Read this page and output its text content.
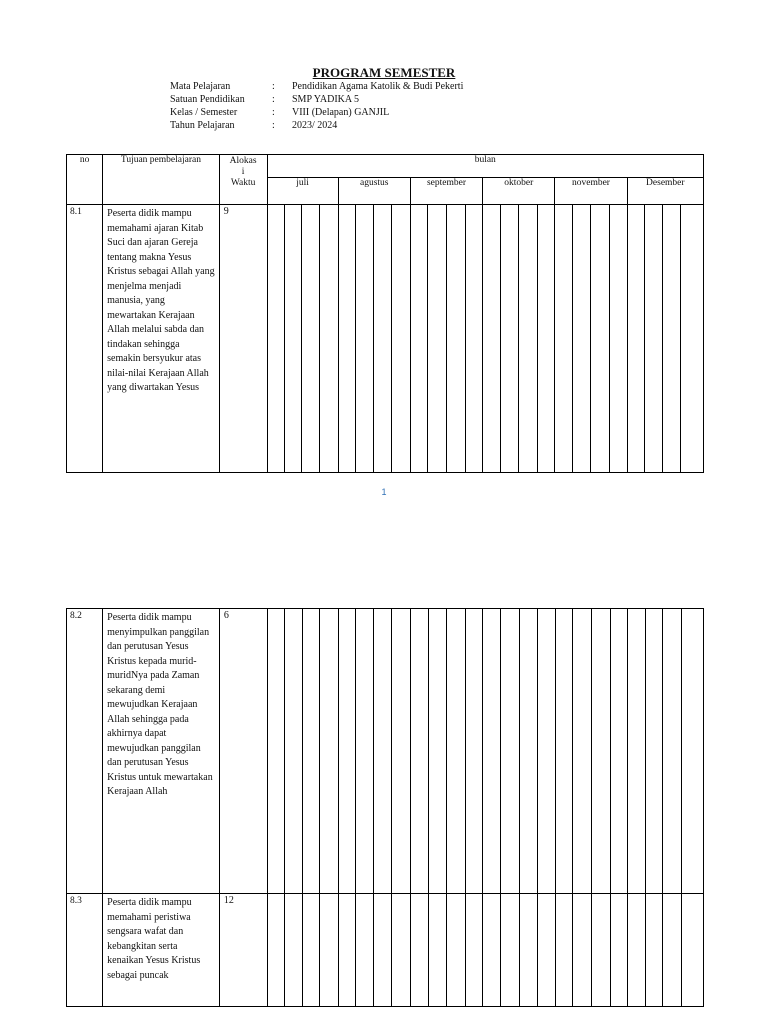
PROGRAM SEMESTER
Mata Pelajaran	:	Pendidikan Agama Katolik & Budi Pekerti
Satuan Pendidikan	:	SMP YADIKA 5
Kelas / Semester	:	VIII (Delapan) GANJIL
Tahun Pelajaran	:	2023/ 2024
no	Tujuan pembelajaran	Alokas
i
Waktu	bulan																							
			juli				agustus				september				oktober				november				Desember			
8.1	Peserta didik mampu memahami ajaran Kitab Suci dan ajaran Gereja tentang makna Yesus Kristus sebagai Allah yang menjelma menjadi manusia, yang mewartakan Kerajaan Allah melalui sabda dan tindakan sehingga semakin bersyukur atas nilai-nilai Kerajaan Allah yang diwartakan Yesus	9																								
1
8.2	Peserta didik mampu menyimpulkan panggilan dan perutusan Yesus Kristus kepada murid-muridNya pada Zaman sekarang demi mewujudkan Kerajaan Allah sehingga pada akhirnya dapat mewujudkan panggilan dan perutusan Yesus Kristus untuk mewartakan Kerajaan Allah	6																								
8.3	Peserta didik mampu memahami peristiwa sengsara wafat dan kebangkitan serta kenaikan Yesus Kristus sebagai puncak	12																								
